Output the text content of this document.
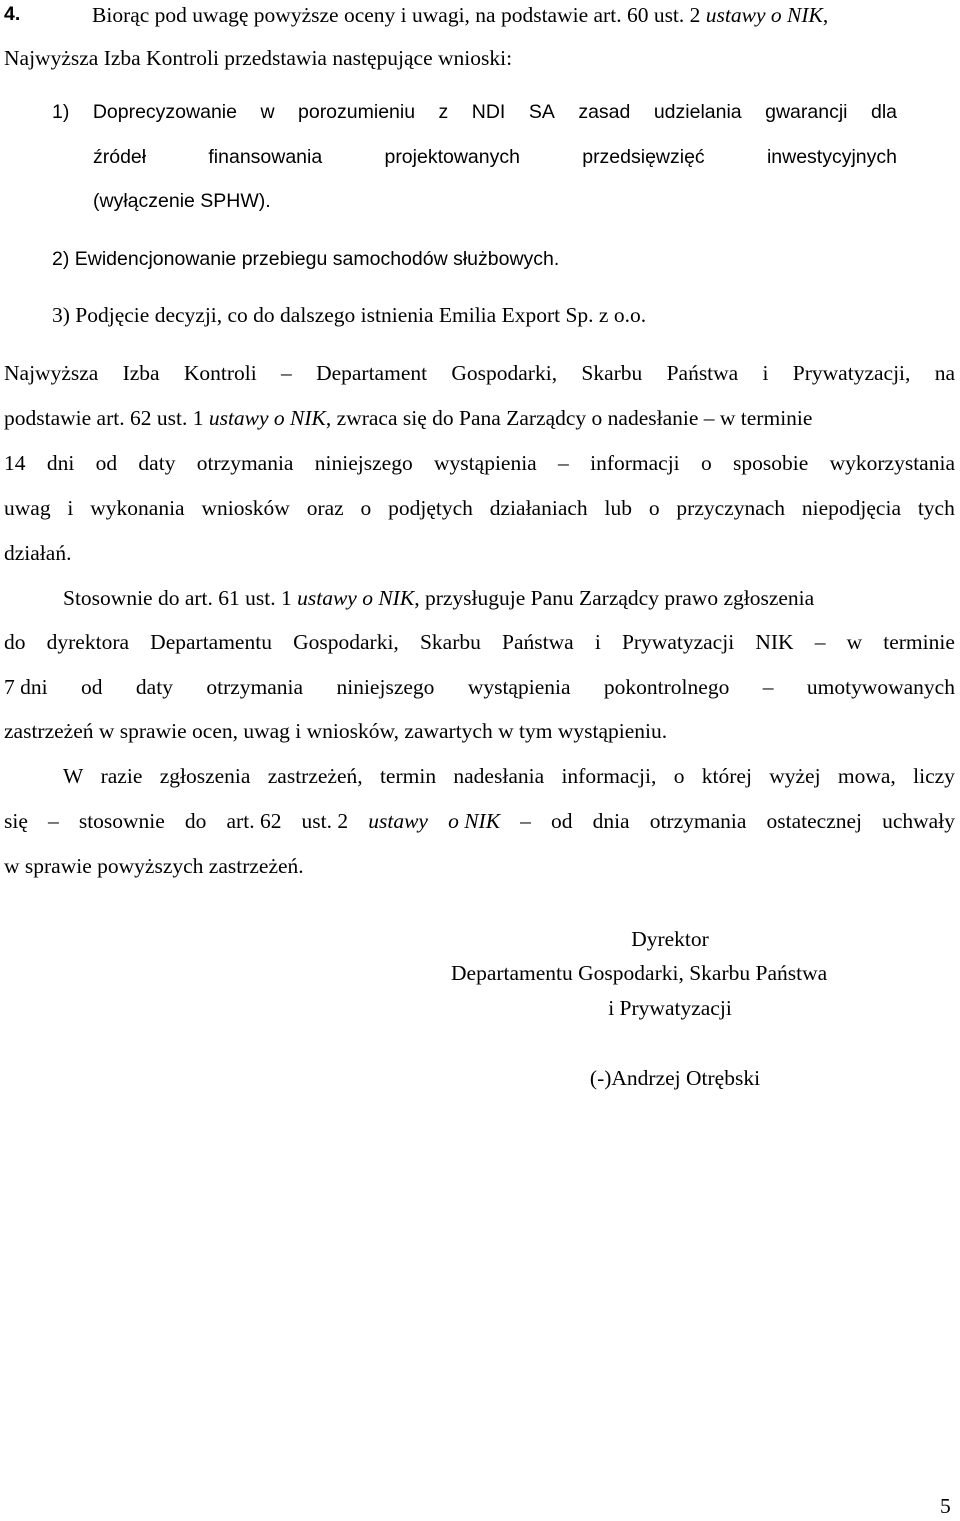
4.	Biorąc pod uwagę powyższe oceny i uwagi, na podstawie art. 60 ust. 2 ustawy o NIK,
Najwyższa Izba Kontroli przedstawia następujące wnioski:
1) Doprecyzowanie w porozumieniu z NDI SA zasad udzielania gwarancji dla
źródeł	finansowania	projektowanych	przedsięwzięć	inwestycyjnych
(wyłączenie SPHW).
2) Ewidencjonowanie przebiegu samochodów służbowych.
3) Podjęcie decyzji, co do dalszego istnienia Emilia Export Sp. z o.o.
Najwyższa Izba Kontroli – Departament Gospodarki, Skarbu Państwa i Prywatyzacji, na
podstawie art. 62 ust. 1 ustawy o NIK, zwraca się do Pana Zarządcy o nadesłanie – w terminie
14 dni od daty otrzymania niniejszego wystąpienia – informacji o sposobie wykorzystania
uwag i wykonania wniosków oraz o podjętych działaniach lub o przyczynach niepodjęcia tych
działań.
Stosownie do art. 61 ust. 1 ustawy o NIK, przysługuje Panu Zarządcy prawo zgłoszenia
do dyrektora Departamentu Gospodarki, Skarbu Państwa i Prywatyzacji NIK – w terminie
7 dni od daty otrzymania niniejszego wystąpienia pokontrolnego – umotywowanych
zastrzeżeń w sprawie ocen, uwag i wniosków, zawartych w tym wystąpieniu.
W razie zgłoszenia zastrzeżeń, termin nadesłania informacji, o której wyżej mowa, liczy
się – stosownie do art. 62 ust. 2 ustawy o NIK – od dnia otrzymania ostatecznej uchwały
w sprawie powyższych zastrzeżeń.
Dyrektor
Departamentu Gospodarki, Skarbu Państwa
i Prywatyzacji
(-)Andrzej Otrębski
5
